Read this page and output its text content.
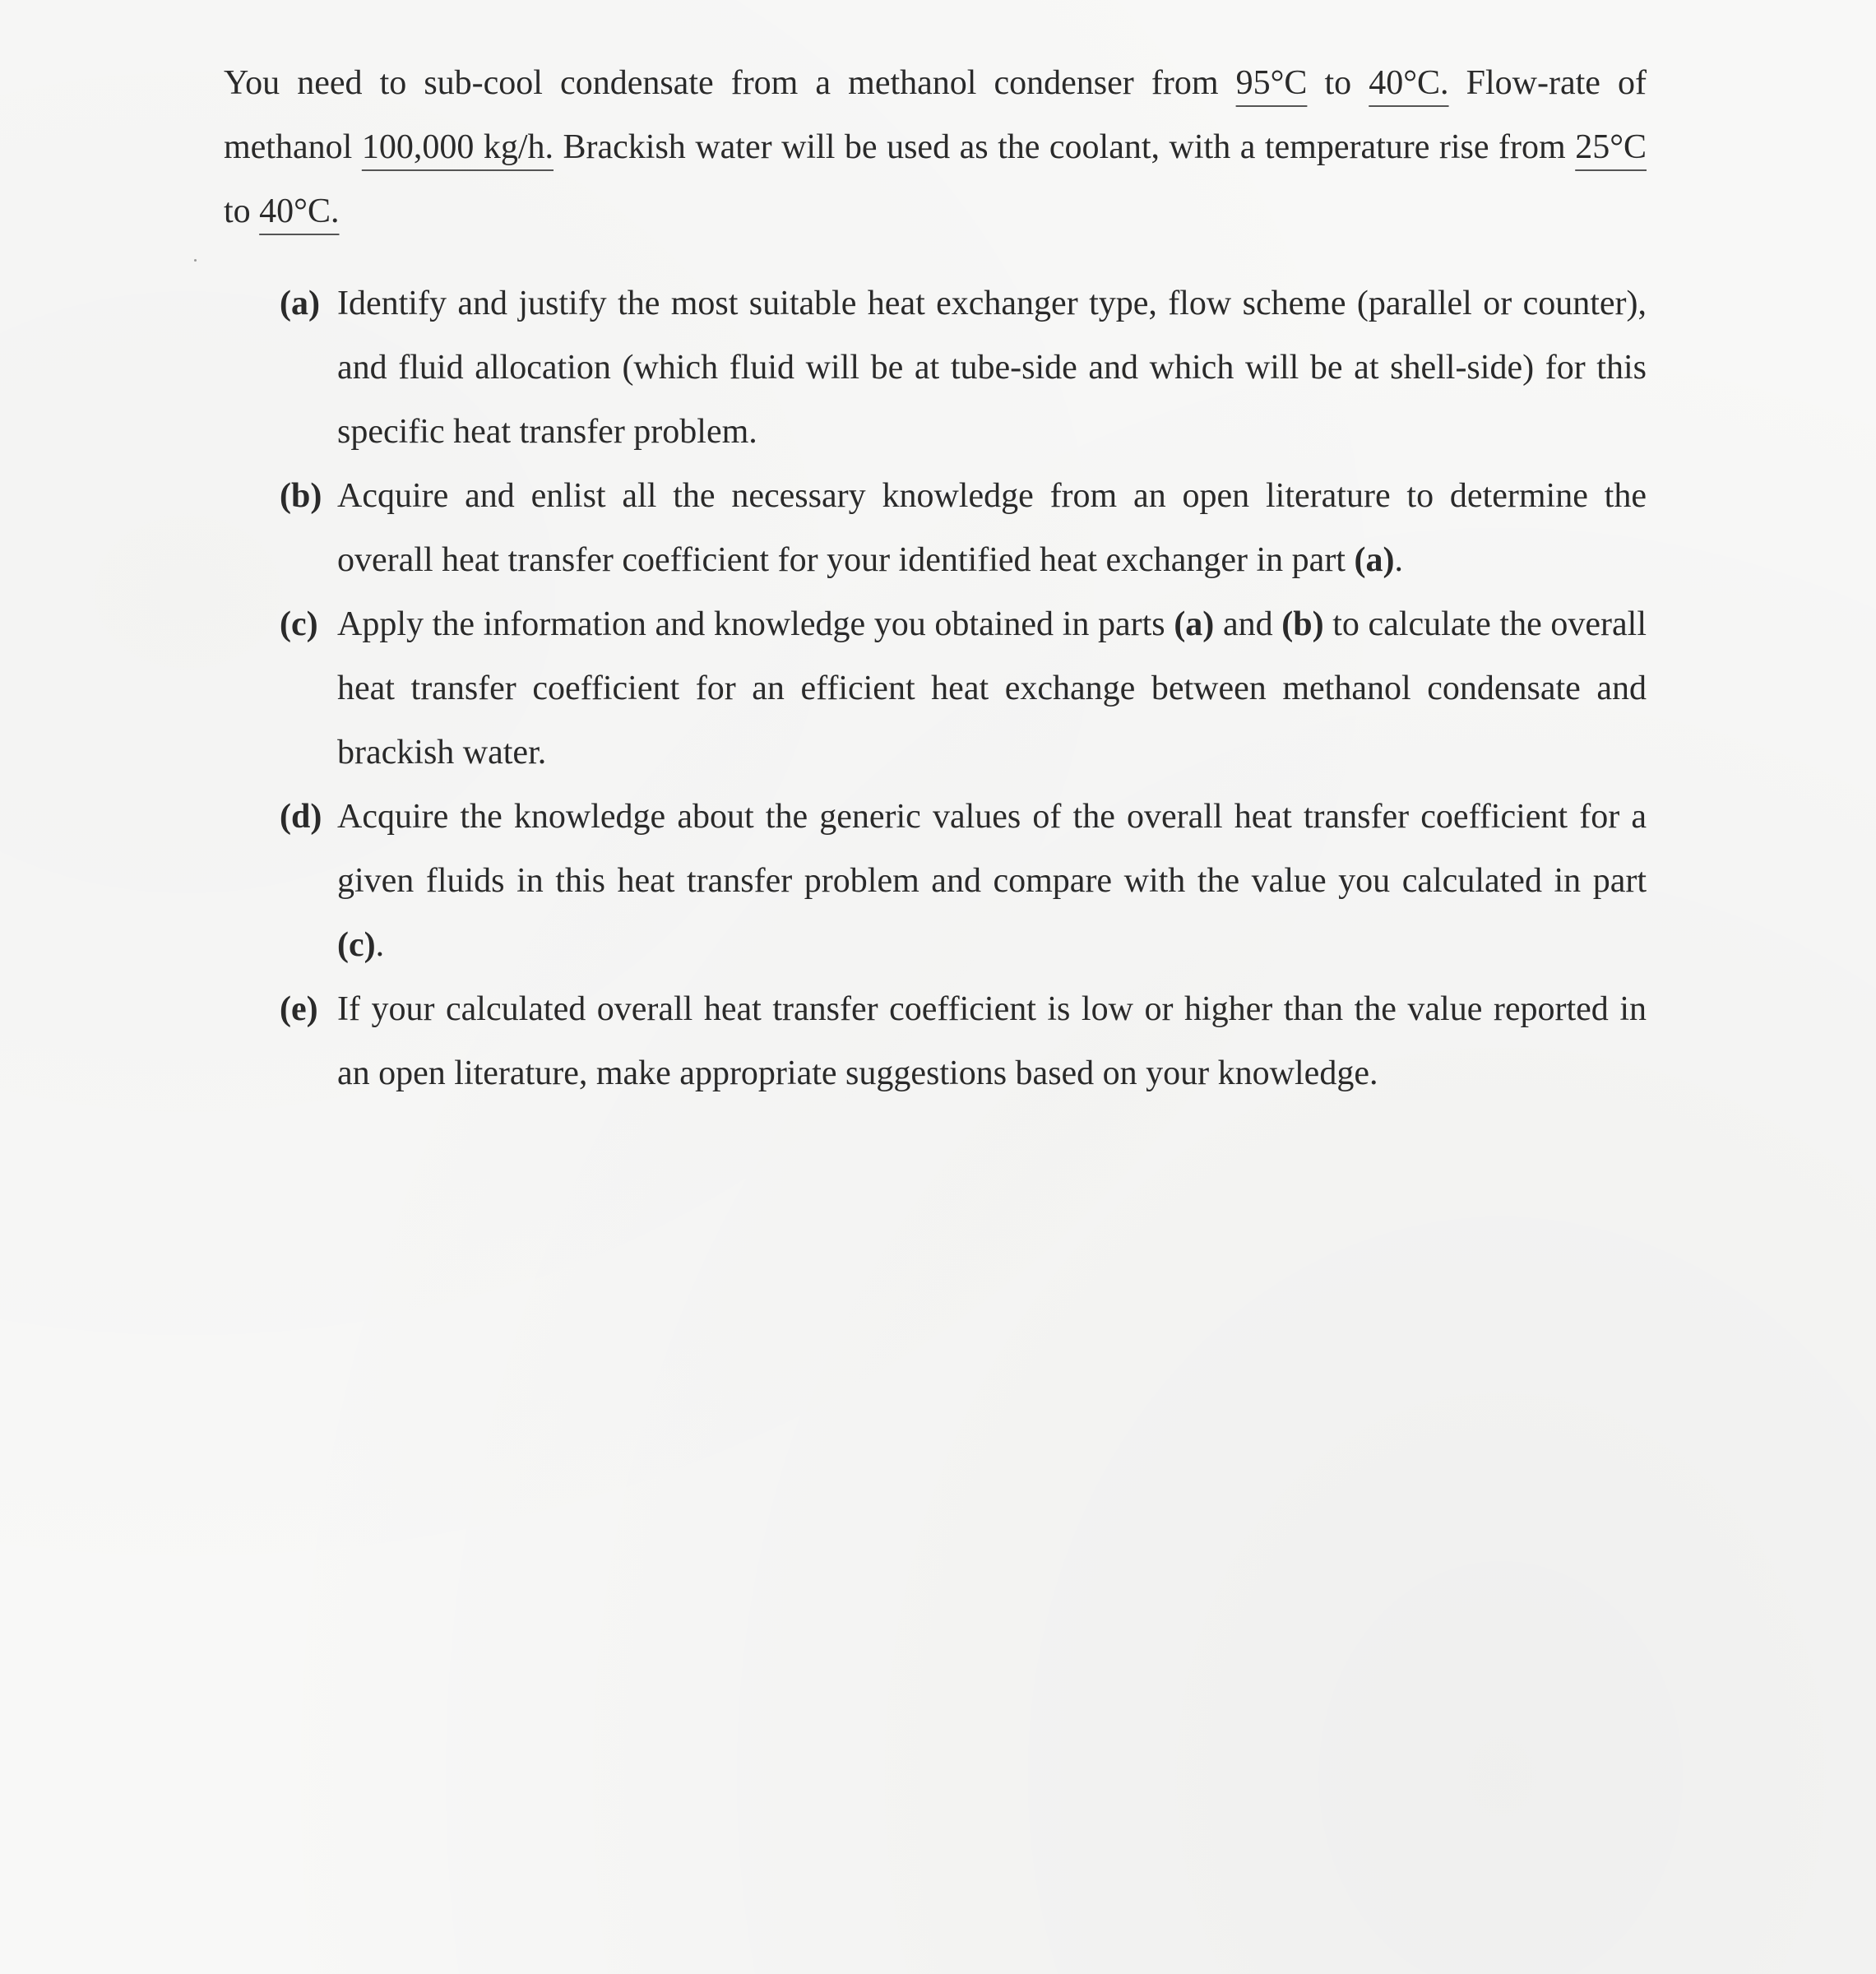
You need to sub-cool condensate from a methanol condenser from 95°C to 40°C. Flow-rate of methanol 100,000 kg/h. Brackish water will be used as the coolant, with a temperature rise from 25°C to 40°C.

(a) Identify and justify the most suitable heat exchanger type, flow scheme (parallel or counter), and fluid allocation (which fluid will be at tube-side and which will be at shell-side) for this specific heat transfer problem.
(b) Acquire and enlist all the necessary knowledge from an open literature to determine the overall heat transfer coefficient for your identified heat exchanger in part (a).
(c) Apply the information and knowledge you obtained in parts (a) and (b) to calculate the overall heat transfer coefficient for an efficient heat exchange between methanol condensate and brackish water.
(d) Acquire the knowledge about the generic values of the overall heat transfer coefficient for a given fluids in this heat transfer problem and compare with the value you calculated in part (c).
(e) If your calculated overall heat transfer coefficient is low or higher than the value reported in an open literature, make appropriate suggestions based on your knowledge.
